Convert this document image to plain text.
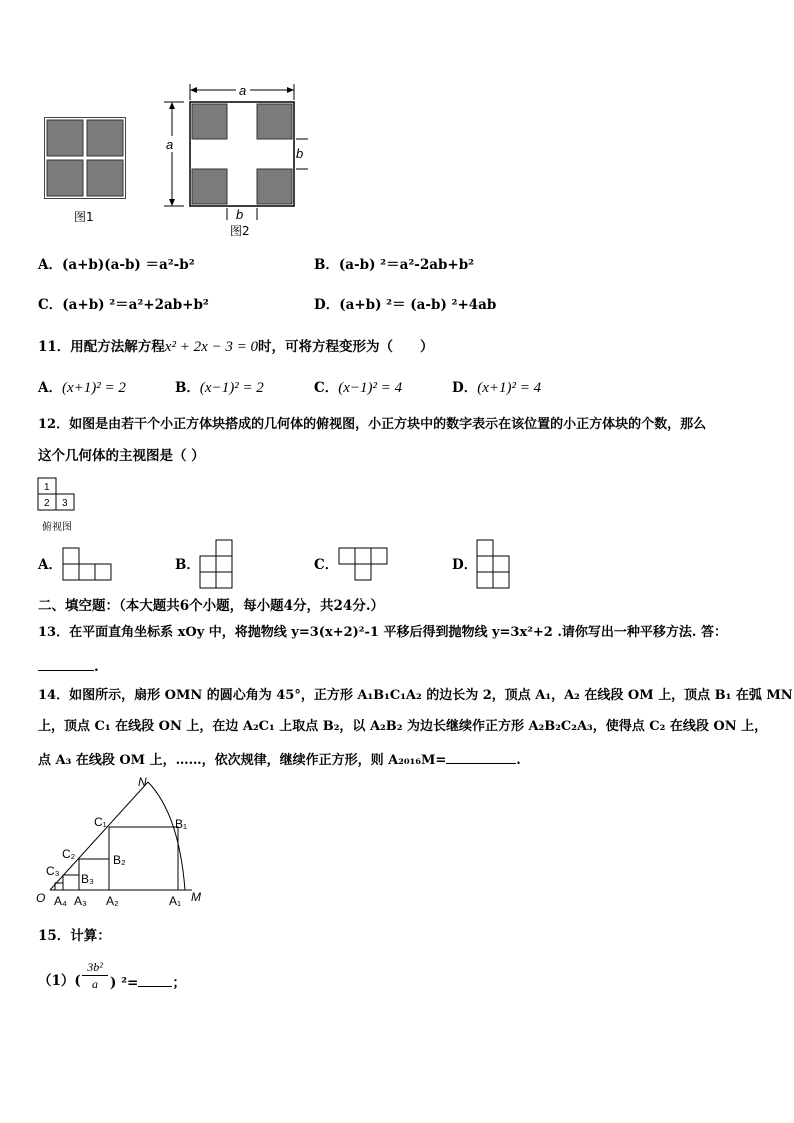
图1
a
a
b
b
图2
A．(a+b)(a-b) ＝a²-b²	B．(a-b) ²＝a²-2ab+b²
C．(a+b) ²＝a²+2ab+b²	D．(a+b) ²＝ (a-b) ²+4ab
11．用配方法解方程x² + 2x − 3 = 0时，可将方程变形为（　　）
A．(x+1)² = 2	B．(x−1)² = 2	C．(x−1)² = 4	D．(x+1)² = 4
12．如图是由若干个小正方体块搭成的几何体的俯视图，小正方块中的数字表示在该位置的小正方体块的个数，那么
这个几何体的主视图是（ ）
1
2 3
俯视图
A．	B．	C．	D．
二、填空题：（本大题共6个小题，每小题4分，共24分.）
13．在平面直角坐标系 xOy 中，将抛物线 y=3(x+2)²-1 平移后得到抛物线 y=3x²+2 .请你写出一种平移方法. 答：
.
14．如图所示，扇形 OMN 的圆心角为 45°，正方形 A₁B₁C₁A₂ 的边长为 2，顶点 A₁，A₂ 在线段 OM 上，顶点 B₁ 在弧 MN
上，顶点 C₁ 在线段 ON 上，在边 A₂C₁ 上取点 B₂，以 A₂B₂ 为边长继续作正方形 A₂B₂C₂A₃，使得点 C₂ 在线段 ON 上，
点 A₃ 在线段 OM 上，……，依次规律，继续作正方形，则 A₂₀₁₆M=	.
N
M
O
C₁	B₁
C₂	B₂
C₃
B₃
A₄ A₃ A₂	A₁
15．计算：
（1）(
3b²
a ) ²=	；
